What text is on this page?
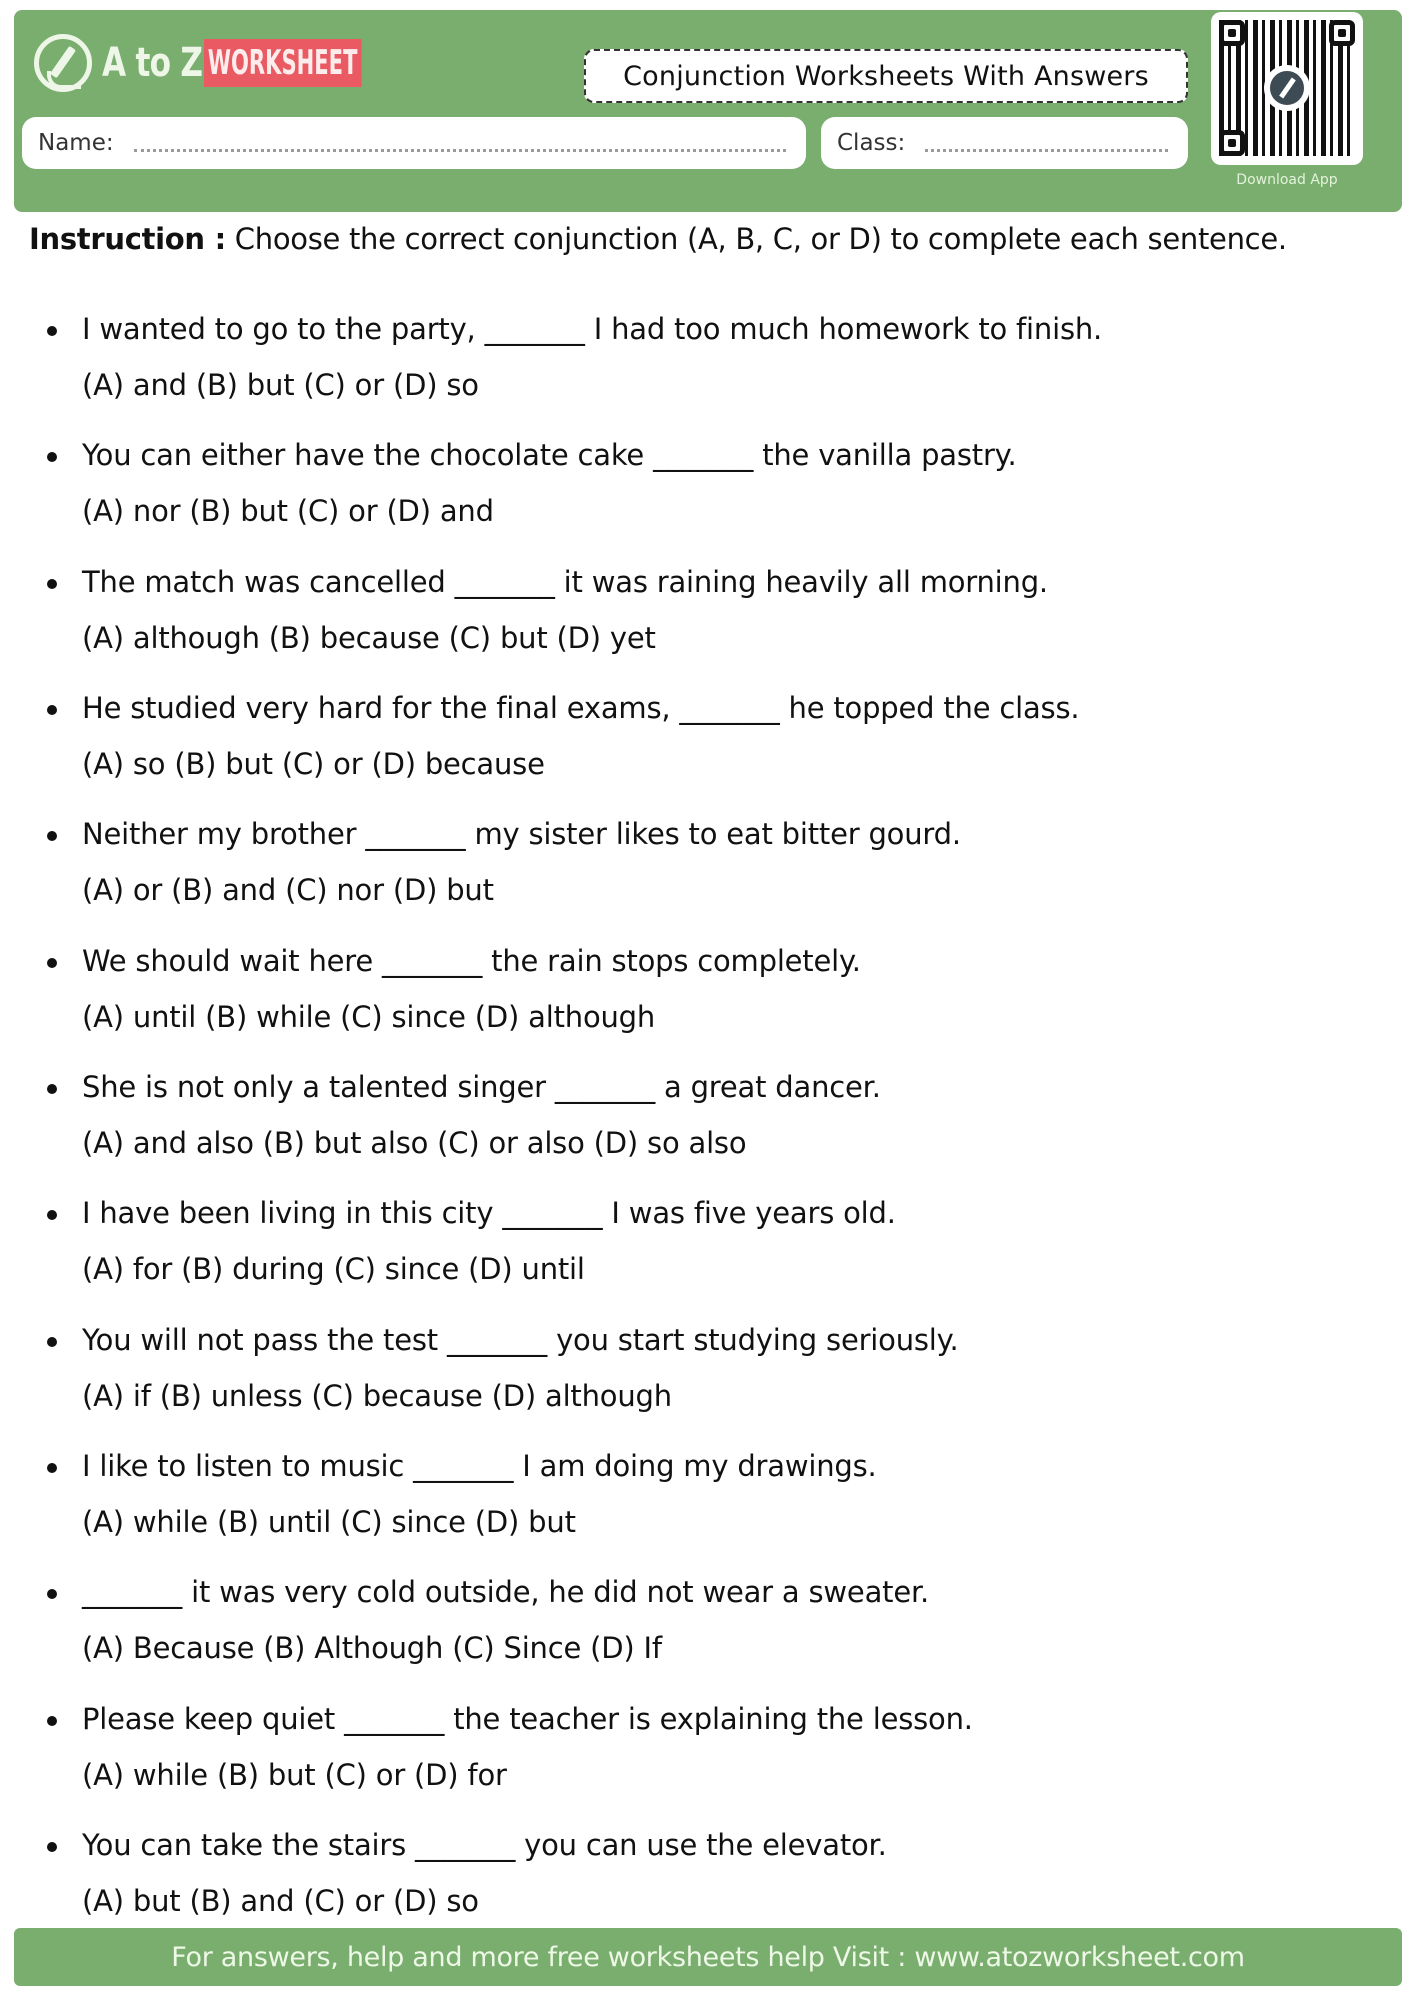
A to Z WORKSHEET	Conjunction Worksheets With Answers
Name:	Class:
Download App
Instruction : Choose the correct conjunction (A, B, C, or D) to complete each sentence.
I wanted to go to the party, _______ I had too much homework to finish.
(A) and (B) but (C) or (D) so
You can either have the chocolate cake _______ the vanilla pastry.
(A) nor (B) but (C) or (D) and
The match was cancelled _______ it was raining heavily all morning.
(A) although (B) because (C) but (D) yet
He studied very hard for the final exams, _______ he topped the class.
(A) so (B) but (C) or (D) because
Neither my brother _______ my sister likes to eat bitter gourd.
(A) or (B) and (C) nor (D) but
We should wait here _______ the rain stops completely.
(A) until (B) while (C) since (D) although
She is not only a talented singer _______ a great dancer.
(A) and also (B) but also (C) or also (D) so also
I have been living in this city _______ I was five years old.
(A) for (B) during (C) since (D) until
You will not pass the test _______ you start studying seriously.
(A) if (B) unless (C) because (D) although
I like to listen to music _______ I am doing my drawings.
(A) while (B) until (C) since (D) but
_______ it was very cold outside, he did not wear a sweater.
(A) Because (B) Although (C) Since (D) If
Please keep quiet _______ the teacher is explaining the lesson.
(A) while (B) but (C) or (D) for
You can take the stairs _______ you can use the elevator.
(A) but (B) and (C) or (D) so
For answers, help and more free worksheets help Visit : www.atozworksheet.com
